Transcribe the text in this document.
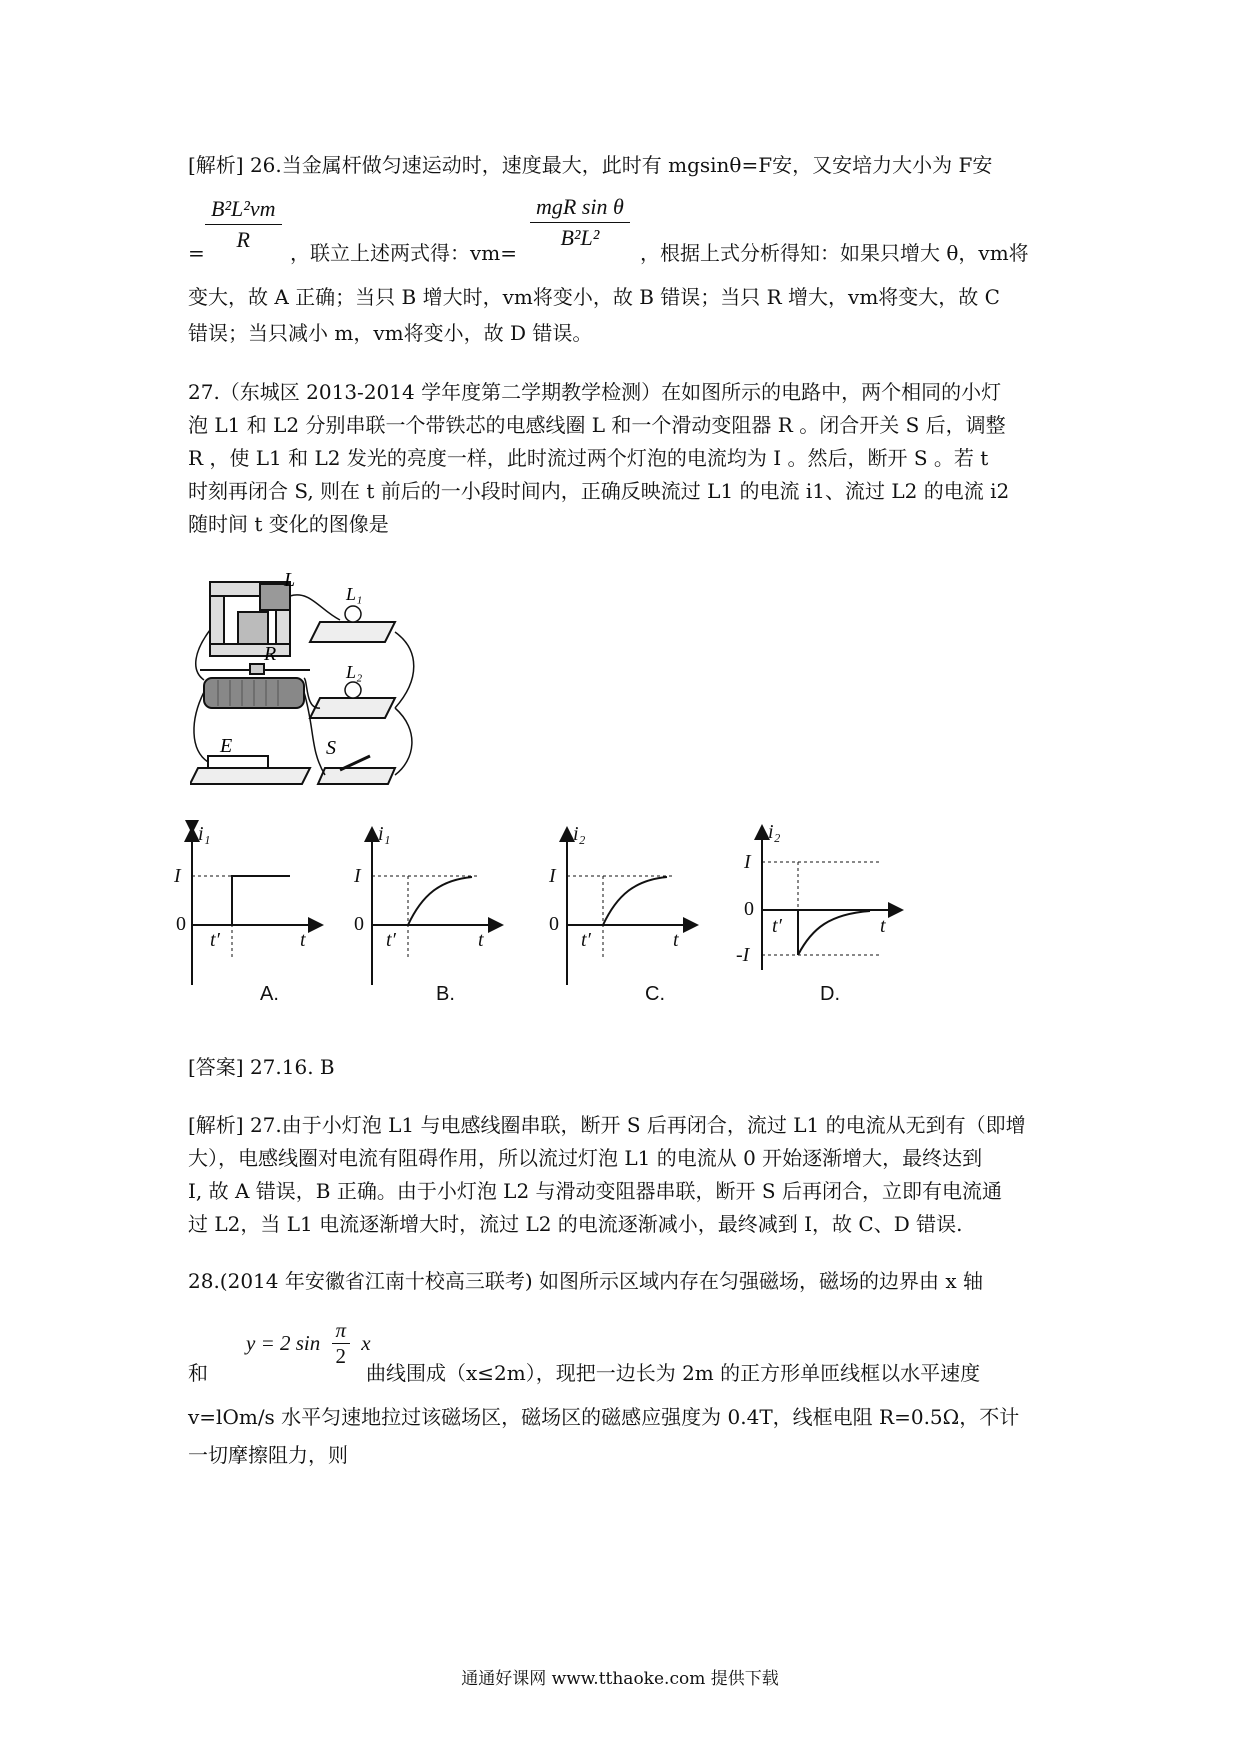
[解析] 26.当金属杆做匀速运动时，速度最大，此时有 mgsinθ=F安，又安培力大小为 F安
=
B²L²vm
R
，联立上述两式得：vm=
mgR sin θ
B²L²
，根据上式分析得知：如果只增大 θ，vm将
变大，故 A 正确；当只 B 增大时，vm将变小，故 B 错误；当只 R 增大，vm将变大，故 C
错误；当只减小 m，vm将变小，故 D 错误。
27.（东城区 2013-2014 学年度第二学期教学检测）在如图所示的电路中，两个相同的小灯
泡 L1 和 L2 分别串联一个带铁芯的电感线圈 L 和一个滑动变阻器 R 。闭合开关 S 后，调整
R ，使 L1 和 L2 发光的亮度一样，此时流过两个灯泡的电流均为 I 。然后，断开 S 。若 t
时刻再闭合 S, 则在 t 前后的一小段时间内，正确反映流过 L1 的电流 i1、流过 L2 的电流 i2
随时间 t 变化的图像是
L
L₁
L₂
R
E	S
i₁
I
0
t′	t
A.
i₁
I
0
t′	t
B.
i₂
I
0
t′	t
C.
i₂
I
0
t′	t
-I
D.
[答案] 27.16. B
[解析] 27.由于小灯泡 L1 与电感线圈串联，断开 S 后再闭合，流过 L1 的电流从无到有（即增
大），电感线圈对电流有阻碍作用，所以流过灯泡 L1 的电流从 0 开始逐渐增大，最终达到
I, 故 A 错误，B 正确。由于小灯泡 L2 与滑动变阻器串联，断开 S 后再闭合，立即有电流通
过 L2，当 L1 电流逐渐增大时，流过 L2 的电流逐渐减小，最终减到 I，故 C、D 错误.
28.(2014 年安徽省江南十校高三联考) 如图所示区域内存在匀强磁场，磁场的边界由 x 轴
和
y = 2 $\sin \frac{\pi}{2}$ x
曲线围成（x≤2m），现把一边长为 2m 的正方形单匝线框以水平速度
v=lOm/s 水平匀速地拉过该磁场区，磁场区的磁感应强度为 0.4T，线框电阻 R=0.5Ω，不计
一切摩擦阻力，则
通通好课网 www.tthaoke.com 提供下载
